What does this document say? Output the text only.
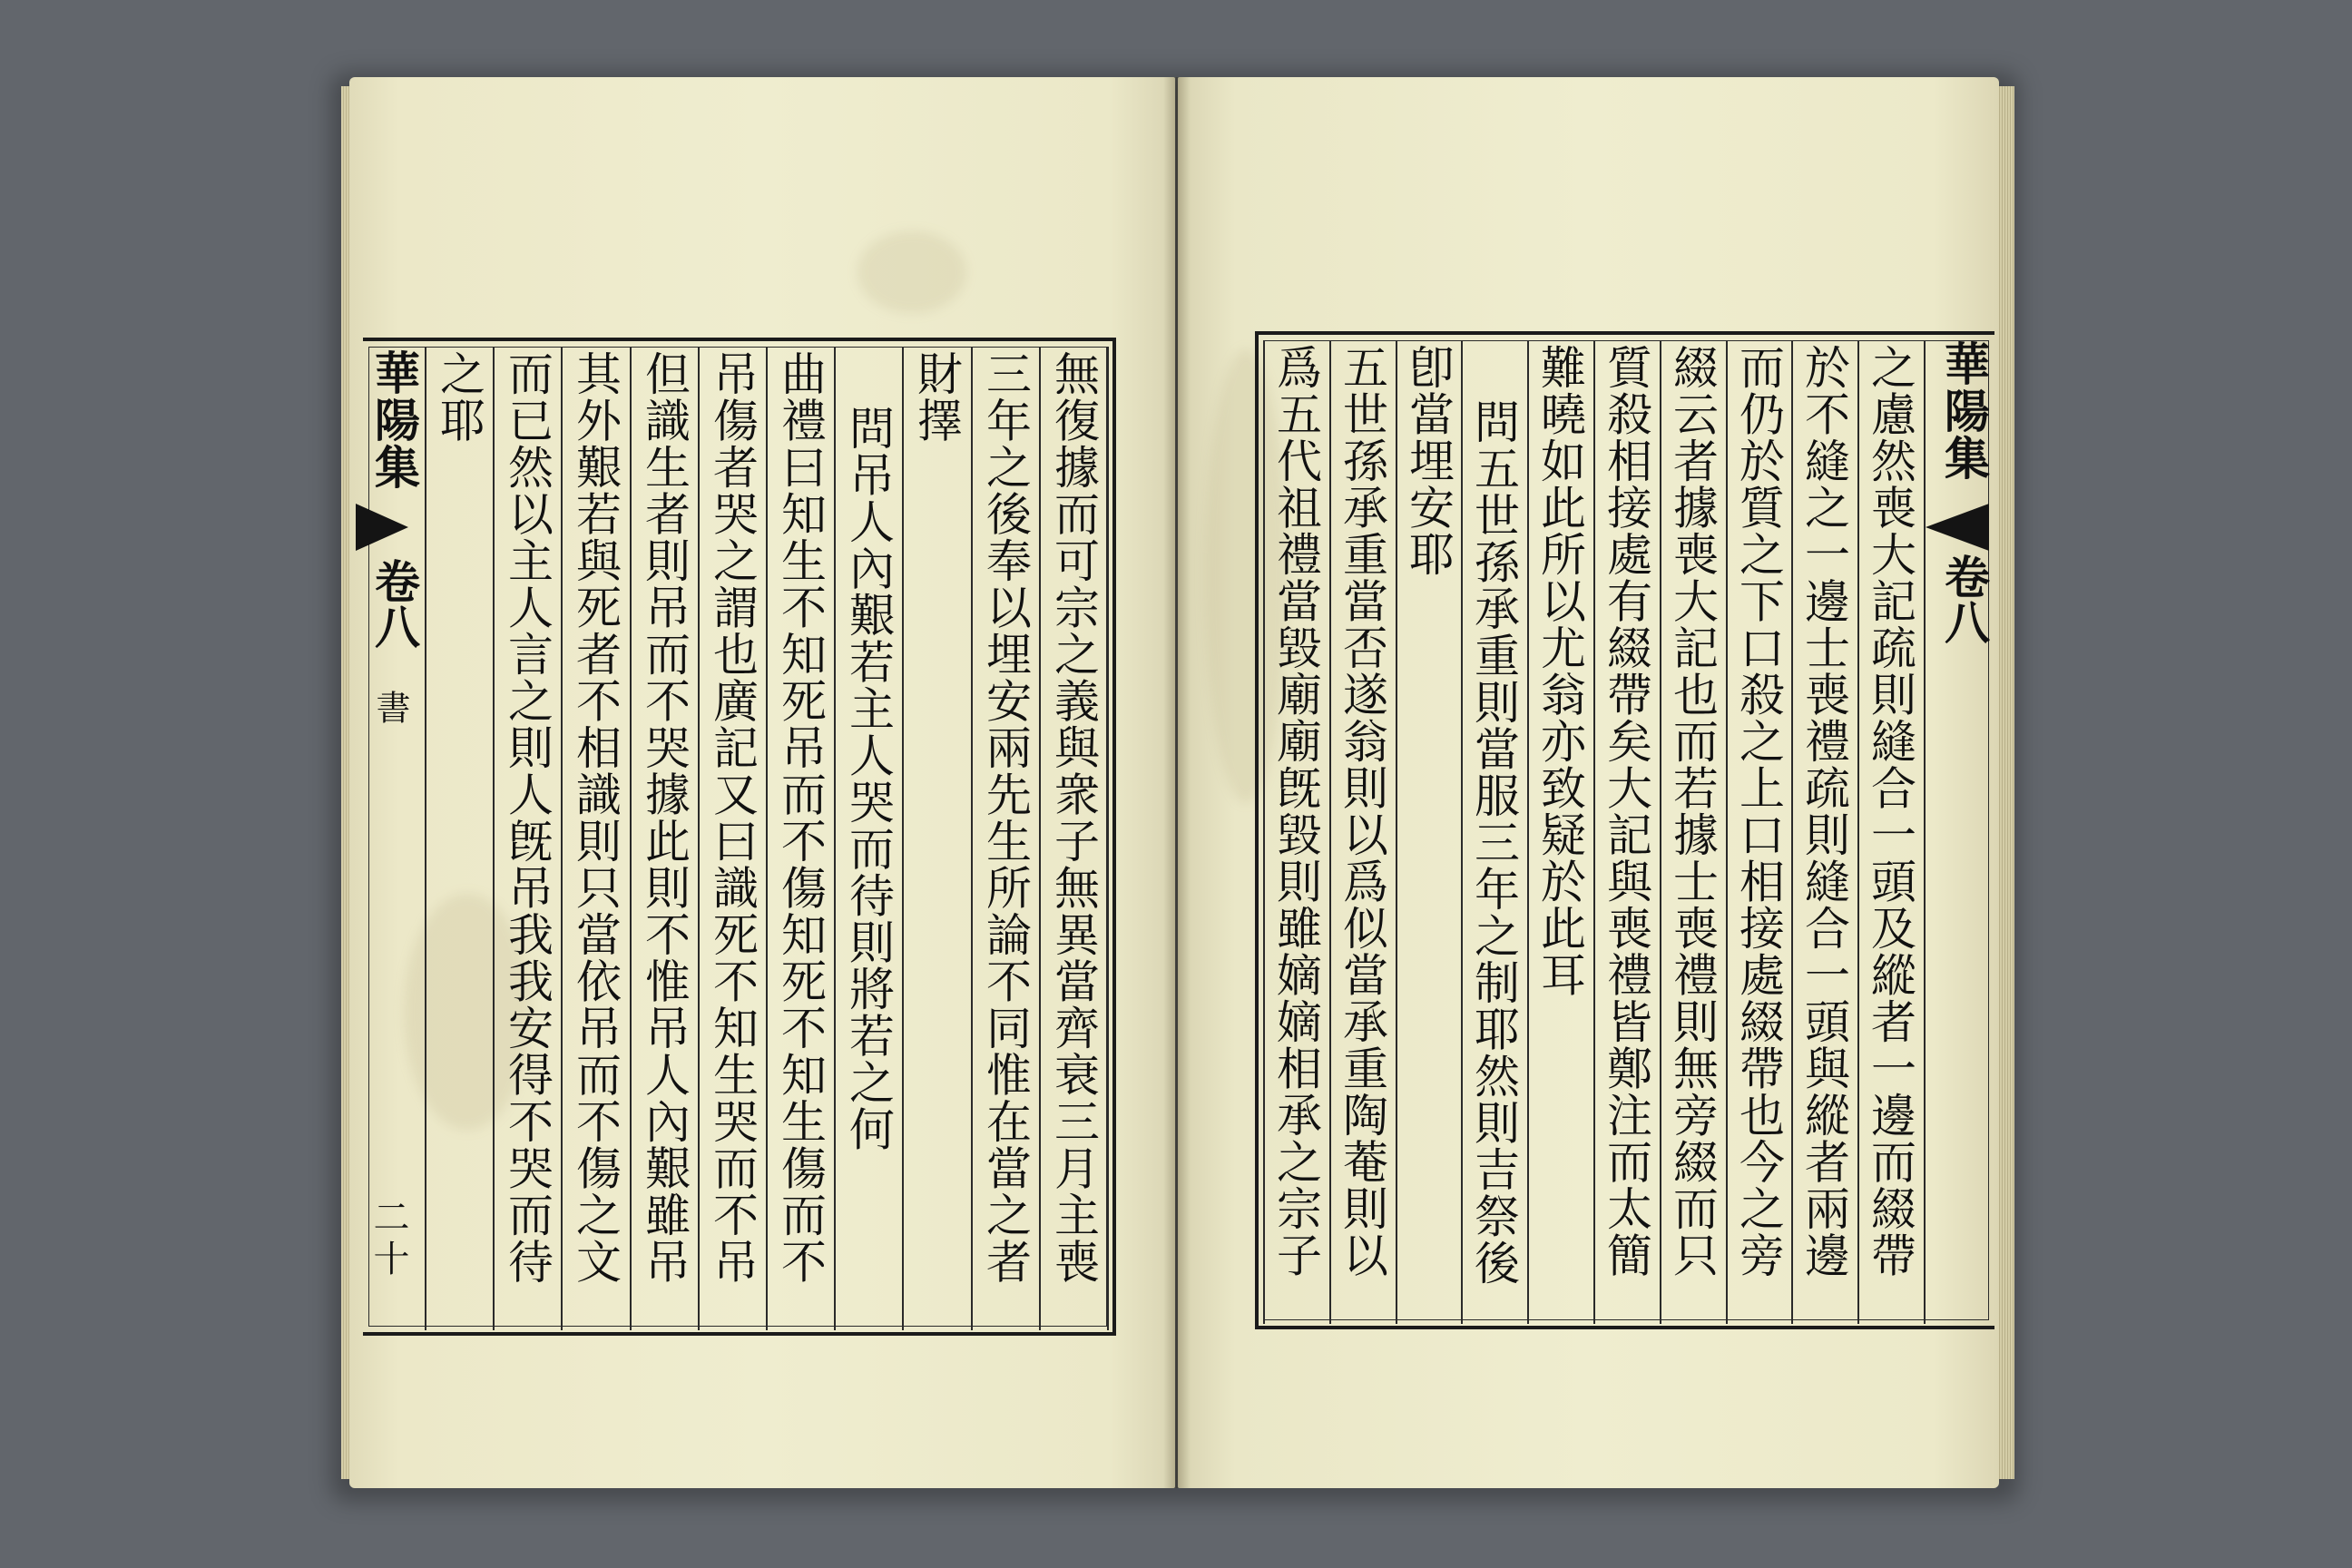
華陽集
卷八
書
二十
華陽集
卷八
無復據而可宗之義與衆子無異當齊衰三月主喪
三年之後奉以埋安兩先生所論不同惟在當之者
財擇
問吊人內艱若主人哭而待則將若之何
曲禮曰知生不知死吊而不傷知死不知生傷而不
吊傷者哭之謂也廣記又曰識死不知生哭而不吊
但識生者則吊而不哭據此則不惟吊人內艱雖吊
其外艱若與死者不相識則只當依吊而不傷之文
而已然以主人言之則人旣吊我我安得不哭而待
之耶	之慮然喪大記疏則縫合一頭及縱者一邊而綴帶
於不縫之一邊士喪禮疏則縫合一頭與縱者兩邊
而仍於質之下口殺之上口相接處綴帶也今之旁
綴云者據喪大記也而若據士喪禮則無旁綴而只
質殺相接處有綴帶矣大記與喪禮皆鄭注而太簡
難曉如此所以尤翁亦致疑於此耳
問五世孫承重則當服三年之制耶然則吉祭後
卽當埋安耶
五世孫承重當否遂翁則以爲似當承重陶菴則以
爲五代祖禮當毀廟廟旣毀則雖嫡嫡相承之宗子
